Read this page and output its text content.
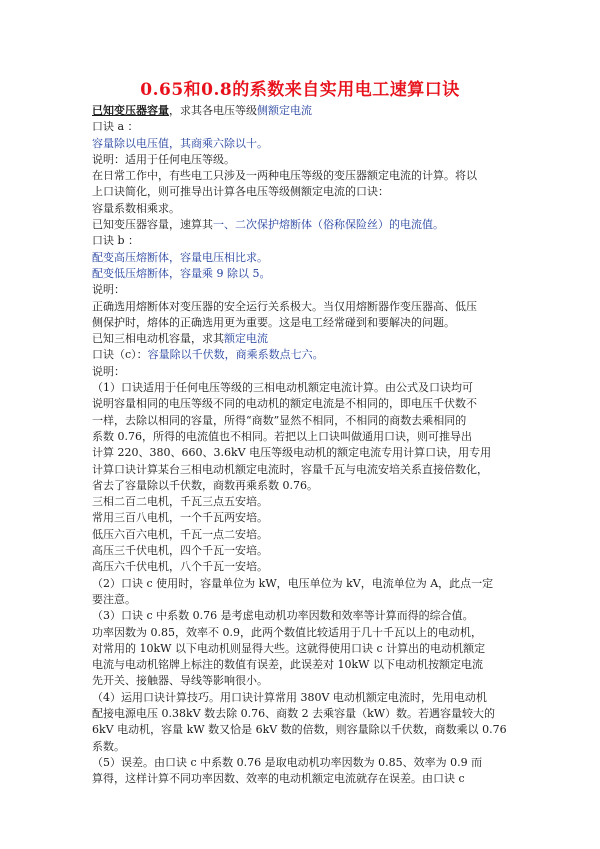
0.65和0.8的系数来自实用电工速算口诀
已知变压器容量，求其各电压等级侧额定电流
口诀 a ：
容量除以电压值，其商乘六除以十。
说明：适用于任何电压等级。
在日常工作中，有些电工只涉及一两种电压等级的变压器额定电流的计算。将以
上口诀简化，则可推导出计算各电压等级侧额定电流的口诀：
容量系数相乘求。
已知变压器容量，速算其一、二次保护熔断体（俗称保险丝）的电流值。
口诀 b ：
配变高压熔断体，容量电压相比求。
配变低压熔断体，容量乘 9 除以 5。
说明：
正确选用熔断体对变压器的安全运行关系极大。当仅用熔断器作变压器高、低压
侧保护时，熔体的正确选用更为重要。这是电工经常碰到和要解决的问题。
已知三相电动机容量，求其额定电流
口诀（c）：容量除以千伏数，商乘系数点七六。
说明：
（1）口诀适用于任何电压等级的三相电动机额定电流计算。由公式及口诀均可
说明容量相同的电压等级不同的电动机的额定电流是不相同的，即电压千伏数不
一样，去除以相同的容量，所得“商数”显然不相同，不相同的商数去乘相同的
系数 0.76，所得的电流值也不相同。若把以上口诀叫做通用口诀，则可推导出
计算 220、380、660、3.6kV 电压等级电动机的额定电流专用计算口诀，用专用
计算口诀计算某台三相电动机额定电流时，容量千瓦与电流安培关系直接倍数化，
省去了容量除以千伏数，商数再乘系数 0.76。
三相二百二电机，千瓦三点五安培。
常用三百八电机，一个千瓦两安培。
低压六百六电机，千瓦一点二安培。
高压三千伏电机，四个千瓦一安培。
高压六千伏电机，八个千瓦一安培。
（2）口诀 c 使用时，容量单位为 kW，电压单位为 kV，电流单位为 A，此点一定
要注意。
（3）口诀 c 中系数 0.76 是考虑电动机功率因数和效率等计算而得的综合值。
功率因数为 0.85，效率不 0.9，此两个数值比较适用于几十千瓦以上的电动机，
对常用的 10kW 以下电动机则显得大些。这就得使用口诀 c 计算出的电动机额定
电流与电动机铭牌上标注的数值有误差，此误差对 10kW 以下电动机按额定电流
先开关、接触器、导线等影响很小。
（4）运用口诀计算技巧。用口诀计算常用 380V 电动机额定电流时，先用电动机
配接电源电压 0.38kV 数去除 0.76、商数 2 去乘容量（kW）数。若遇容量较大的
6kV 电动机，容量 kW 数又恰是 6kV 数的倍数，则容量除以千伏数，商数乘以 0.76
系数。
（5）误差。由口诀 c 中系数 0.76 是取电动机功率因数为 0.85、效率为 0.9 而
算得，这样计算不同功率因数、效率的电动机额定电流就存在误差。由口诀 c
